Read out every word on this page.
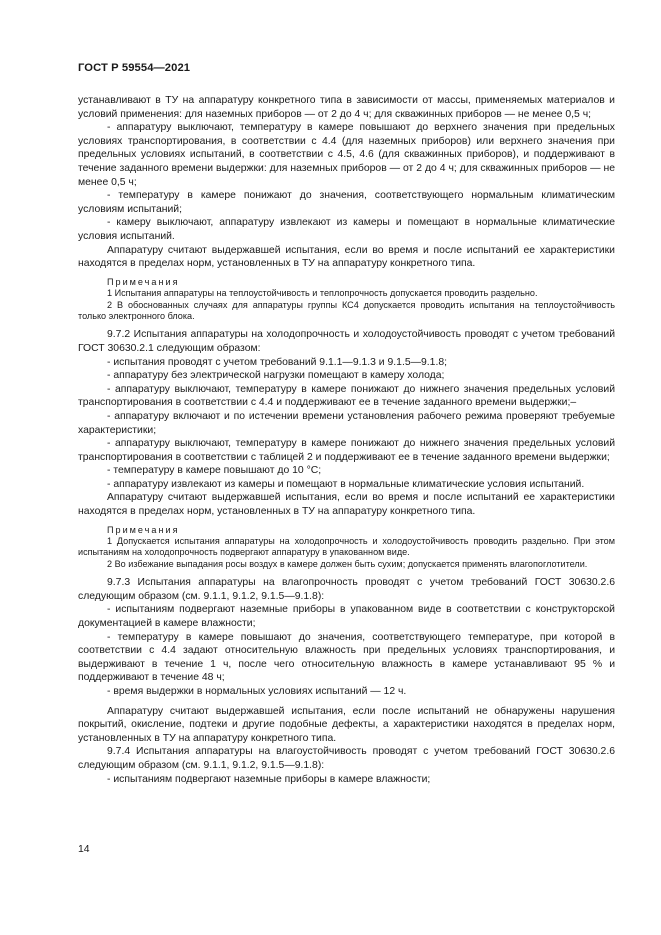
ГОСТ Р 59554—2021

устанавливают в ТУ на аппаратуру конкретного типа в зависимости от массы, применяемых материалов и условий применения: для наземных приборов — от 2 до 4 ч; для скважинных приборов — не менее 0,5 ч;

- аппаратуру выключают, температуру в камере повышают до верхнего значения при предельных условиях транспортирования, в соответствии с 4.4 (для наземных приборов) или верхнего значения при предельных условиях испытаний, в соответствии с 4.5, 4.6 (для скважинных приборов), и поддерживают в течение заданного времени выдержки: для наземных приборов — от 2 до 4 ч; для скважинных приборов — не менее 0,5 ч;

- температуру в камере понижают до значения, соответствующего нормальным климатическим условиям испытаний;

- камеру выключают, аппаратуру извлекают из камеры и помещают в нормальные климатические условия испытаний.

Аппаратуру считают выдержавшей испытания, если во время и после испытаний ее характеристики находятся в пределах норм, установленных в ТУ на аппаратуру конкретного типа.

Примечания

1 Испытания аппаратуры на теплоустойчивость и теплопрочность допускается проводить раздельно.

2 В обоснованных случаях для аппаратуры группы КС4 допускается проводить испытания на теплоустойчивость только электронного блока.

9.7.2 Испытания аппаратуры на холодопрочность и холодоустойчивость проводят с учетом требований ГОСТ 30630.2.1 следующим образом:

- испытания проводят с учетом требований 9.1.1—9.1.3 и 9.1.5—9.1.8;

- аппаратуру без электрической нагрузки помещают в камеру холода;

- аппаратуру выключают, температуру в камере понижают до нижнего значения предельных условий транспортирования в соответствии с 4.4 и поддерживают ее в течение заданного времени выдержки;–

- аппаратуру включают и по истечении времени установления рабочего режима проверяют требуемые характеристики;

- аппаратуру выключают, температуру в камере понижают до нижнего значения предельных условий транспортирования в соответствии с таблицей 2 и поддерживают ее в течение заданного времени выдержки;

- температуру в камере повышают до 10 °С;

- аппаратуру извлекают из камеры и помещают в нормальные климатические условия испытаний.

Аппаратуру считают выдержавшей испытания, если во время и после испытаний ее характеристики находятся в пределах норм, установленных в ТУ на аппаратуру конкретного типа.

Примечания

1 Допускается испытания аппаратуры на холодопрочность и холодоустойчивость проводить раздельно. При этом испытаниям на холодопрочность подвергают аппаратуру в упакованном виде.

2 Во избежание выпадания росы воздух в камере должен быть сухим; допускается применять влагопоглотители.

9.7.3 Испытания аппаратуры на влагопрочность проводят с учетом требований ГОСТ 30630.2.6 следующим образом (см. 9.1.1, 9.1.2, 9.1.5—9.1.8):

- испытаниям подвергают наземные приборы в упакованном виде в соответствии с конструкторской документацией в камере влажности;

- температуру в камере повышают до значения, соответствующего температуре, при которой в соответствии с 4.4 задают относительную влажность при предельных условиях транспортирования, и выдерживают в течение 1 ч, после чего относительную влажность в камере устанавливают 95 % и поддерживают в течение 48 ч;

- время выдержки в нормальных условиях испытаний — 12 ч.

Аппаратуру считают выдержавшей испытания, если после испытаний не обнаружены нарушения покрытий, окисление, подтеки и другие подобные дефекты, а характеристики находятся в пределах норм, установленных в ТУ на аппаратуру конкретного типа.

9.7.4 Испытания аппаратуры на влагоустойчивость проводят с учетом требований ГОСТ 30630.2.6 следующим образом (см. 9.1.1, 9.1.2, 9.1.5—9.1.8):

- испытаниям подвергают наземные приборы в камере влажности;

14
